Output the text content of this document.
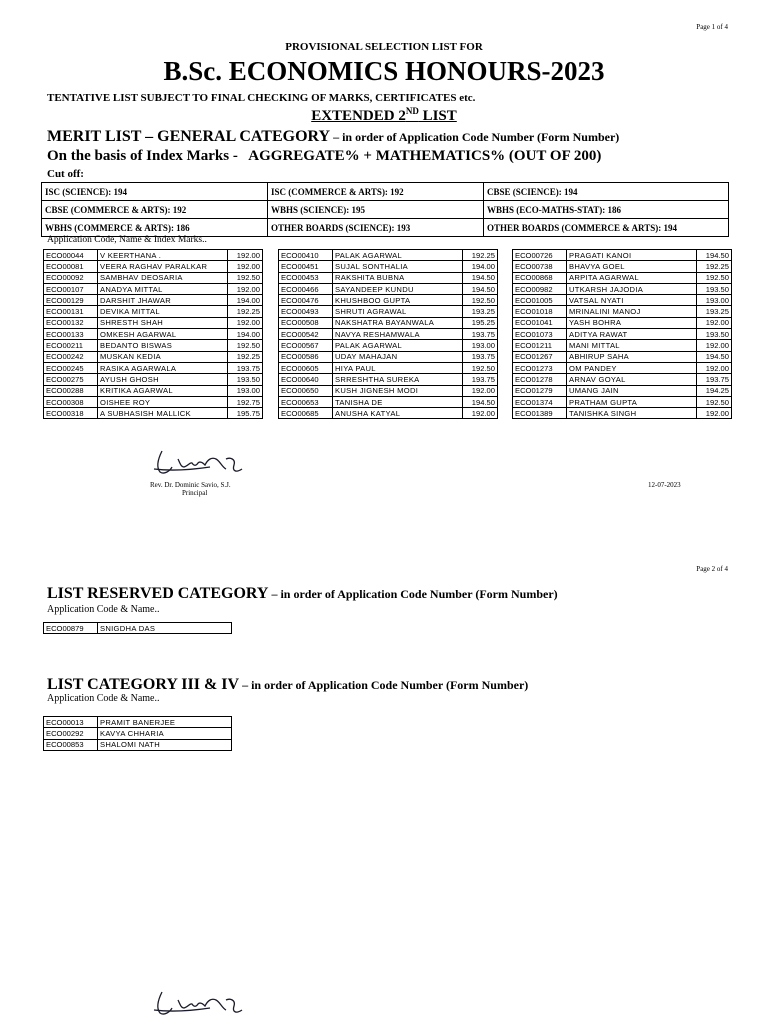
Page 1 of 4
PROVISIONAL SELECTION LIST FOR
B.Sc. ECONOMICS HONOURS-2023
TENTATIVE LIST SUBJECT TO FINAL CHECKING OF MARKS, CERTIFICATES etc.
EXTENDED 2ND LIST
MERIT LIST – GENERAL CATEGORY – in order of Application Code Number (Form Number)
On the basis of Index Marks -   AGGREGATE% + MATHEMATICS% (OUT OF 200)
Cut off:
ISC (SCIENCE): 194	ISC (COMMERCE & ARTS): 192	CBSE (SCIENCE): 194
CBSE (COMMERCE & ARTS): 192	WBHS (SCIENCE): 195	WBHS (ECO-MATHS-STAT): 186
WBHS (COMMERCE & ARTS): 186	OTHER BOARDS (SCIENCE): 193	OTHER BOARDS (COMMERCE & ARTS): 194
Application Code, Name & Index Marks..
ECO00044	V KEERTHANA .	192.00
ECO00081	VEERA RAGHAV PARALKAR	192.00
ECO00092	SAMBHAV DEOSARIA	192.50
ECO00107	ANADYA MITTAL	192.00
ECO00129	DARSHIT JHAWAR	194.00
ECO00131	DEVIKA MITTAL	192.25
ECO00132	SHRESTH SHAH	192.00
ECO00133	OMKESH AGARWAL	194.00
ECO00211	BEDANTO BISWAS	192.50
ECO00242	MUSKAN KEDIA	192.25
ECO00245	RASIKA AGARWALA	193.75
ECO00275	AYUSH GHOSH	193.50
ECO00288	KRITIKA AGARWAL	193.00
ECO00308	OISHEE ROY	192.75
ECO00318	A SUBHASISH MALLICK	195.75
ECO00410	PALAK AGARWAL	192.25
ECO00451	SUJAL SONTHALIA	194.00
ECO00453	RAKSHITA BUBNA	194.50
ECO00466	SAYANDEEP KUNDU	194.50
ECO00476	KHUSHBOO GUPTA	192.50
ECO00493	SHRUTI AGRAWAL	193.25
ECO00508	NAKSHATRA BAYANWALA	195.25
ECO00542	NAVYA RESHAMWALA	193.75
ECO00567	PALAK AGARWAL	193.00
ECO00586	UDAY MAHAJAN	193.75
ECO00605	HIYA PAUL	192.50
ECO00640	SRRESHTHA SUREKA	193.75
ECO00650	KUSH JIGNESH MODI	192.00
ECO00653	TANISHA DE	194.50
ECO00685	ANUSHA KATYAL	192.00
ECO00726	PRAGATI KANOI	194.50
ECO00738	BHAVYA GOEL	192.25
ECO00868	ARPITA AGARWAL	192.50
ECO00982	UTKARSH JAJODIA	193.50
ECO01005	VATSAL NYATI	193.00
ECO01018	MRINALINI MANOJ	193.25
ECO01041	YASH BOHRA	192.00
ECO01073	ADITYA RAWAT	193.50
ECO01211	MANI MITTAL	192.00
ECO01267	ABHIRUP SAHA	194.50
ECO01273	OM PANDEY	192.00
ECO01278	ARNAV GOYAL	193.75
ECO01279	UMANG JAIN	194.25
ECO01374	PRATHAM GUPTA	192.50
ECO01389	TANISHKA SINGH	192.00
Rev. Dr. Dominic Savio, S.J.
Principal
12-07-2023
Page 2 of 4
LIST RESERVED CATEGORY – in order of Application Code Number (Form Number)
Application Code & Name..
ECO00879	SNIGDHA DAS
LIST CATEGORY III & IV – in order of Application Code Number (Form Number)
Application Code & Name..
ECO00013	PRAMIT BANERJEE
ECO00292	KAVYA CHHARIA
ECO00853	SHALOMI NATH
